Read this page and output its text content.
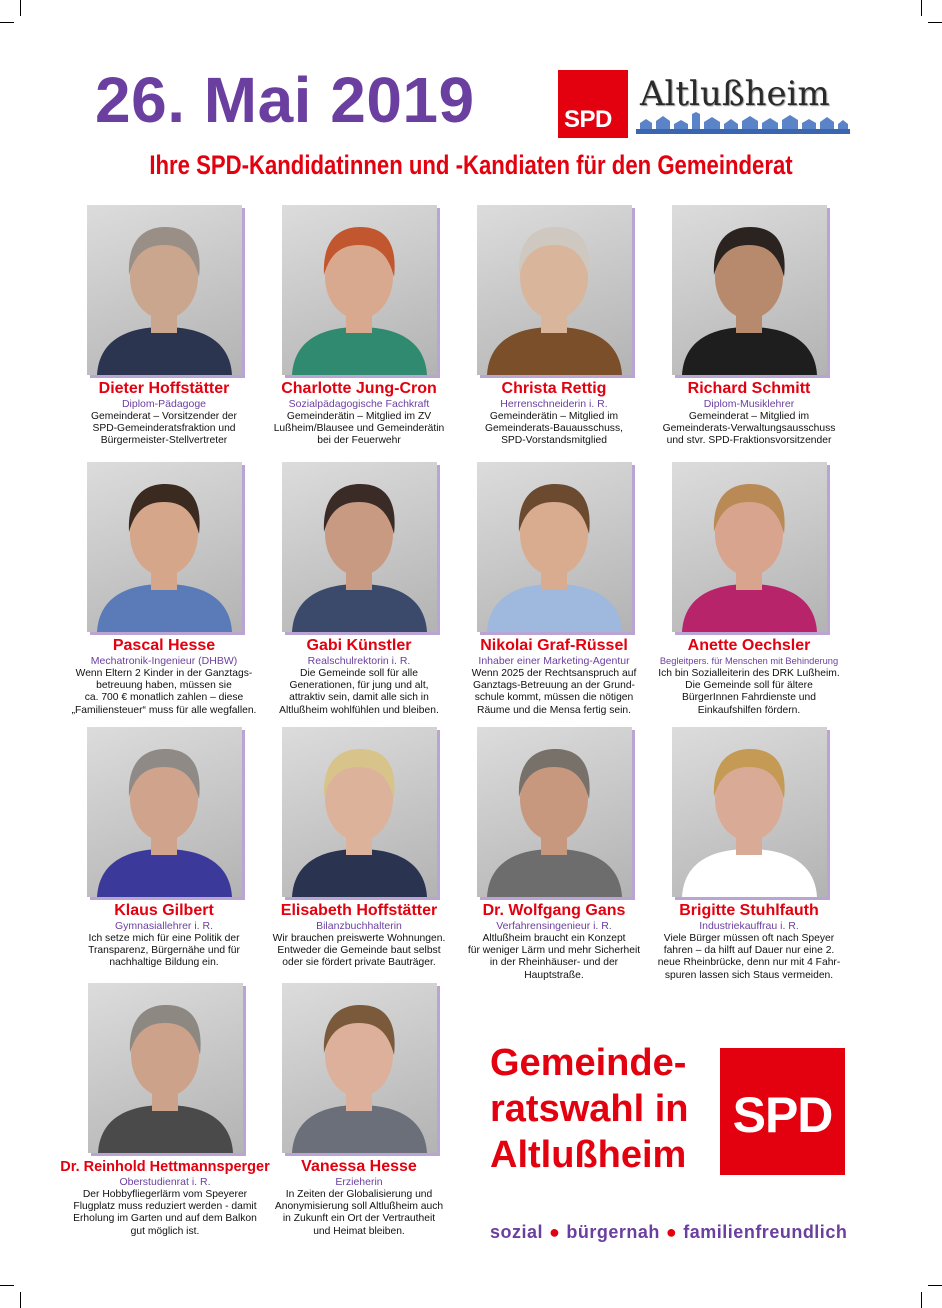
26. Mai 2019	SPD
Altlußheim
Ihre SPD-Kandidatinnen und -Kandiaten für den Gemeinderat
Dieter Hoffstätter
Diplom-Pädagoge
Gemeinderat – Vorsitzender der
SPD-Gemeinderatsfraktion und
Bürgermeister-Stellvertreter
Charlotte Jung-Cron
Sozialpädagogische Fachkraft
Gemeinderätin – Mitglied im ZV
Lußheim/Blausee und Gemeinderätin
bei der Feuerwehr
Christa Rettig
Herrenschneiderin i. R.
Gemeinderätin – Mitglied im
Gemeinderats-Bauausschuss,
SPD-Vorstandsmitglied
Richard Schmitt
Diplom-Musiklehrer
Gemeinderat – Mitglied im
Gemeinderats-Verwaltungsausschuss
und stvr. SPD-Fraktionsvorsitzender
Pascal Hesse
Mechatronik-Ingenieur (DHBW)
Wenn Eltern 2 Kinder in der Ganztags-
betreuung haben, müssen sie
ca. 700 € monatlich zahlen – diese
„Familiensteuer“ muss für alle wegfallen.
Gabi Künstler
Realschulrektorin i. R.
Die Gemeinde soll für alle
Generationen, für jung und alt,
attraktiv sein, damit alle sich in
Altlußheim wohlfühlen und bleiben.
Nikolai Graf-Rüssel
Inhaber einer Marketing-Agentur
Wenn 2025 der Rechtsanspruch auf
Ganztags-Betreuung an der Grund-
schule kommt, müssen die nötigen
Räume und die Mensa fertig sein.
Anette Oechsler
Begleitpers. für Menschen mit Behinderung
Ich bin Sozialleiterin des DRK Lußheim.
Die Gemeinde soll für ältere
BürgerInnen Fahrdienste und
Einkaufshilfen fördern.
Klaus Gilbert
Gymnasiallehrer i. R.
Ich setze mich für eine Politik der
Transparenz, Bürgernähe und für
nachhaltige Bildung ein.
Elisabeth Hoffstätter
Bilanzbuchhalterin
Wir brauchen preiswerte Wohnungen.
Entweder die Gemeinde baut selbst
oder sie fördert private Bauträger.
Dr. Wolfgang Gans
Verfahrensingenieur i. R.
Altlußheim braucht ein Konzept
für weniger Lärm und mehr Sicherheit
in der Rheinhäuser- und der
Hauptstraße.
Brigitte Stuhlfauth
Industriekauffrau i. R.
Viele Bürger müssen oft nach Speyer
fahren – da hilft auf Dauer nur eine 2.
neue Rheinbrücke, denn nur mit 4 Fahr-
spuren lassen sich Staus vermeiden.
Dr. Reinhold Hettmannsperger
Oberstudienrat i. R.
Der Hobbyfliegerlärm vom Speyerer
Flugplatz muss reduziert werden - damit
Erholung im Garten und auf dem Balkon
gut möglich ist.
Vanessa Hesse
Erzieherin
In Zeiten der Globalisierung und
Anonymisierung soll Altlußheim auch
in Zukunft ein Ort der Vertrautheit
und Heimat bleiben.
Gemeinde-
ratswahl in
Altlußheim
SPD
sozial ● bürgernah ● familienfreundlich
